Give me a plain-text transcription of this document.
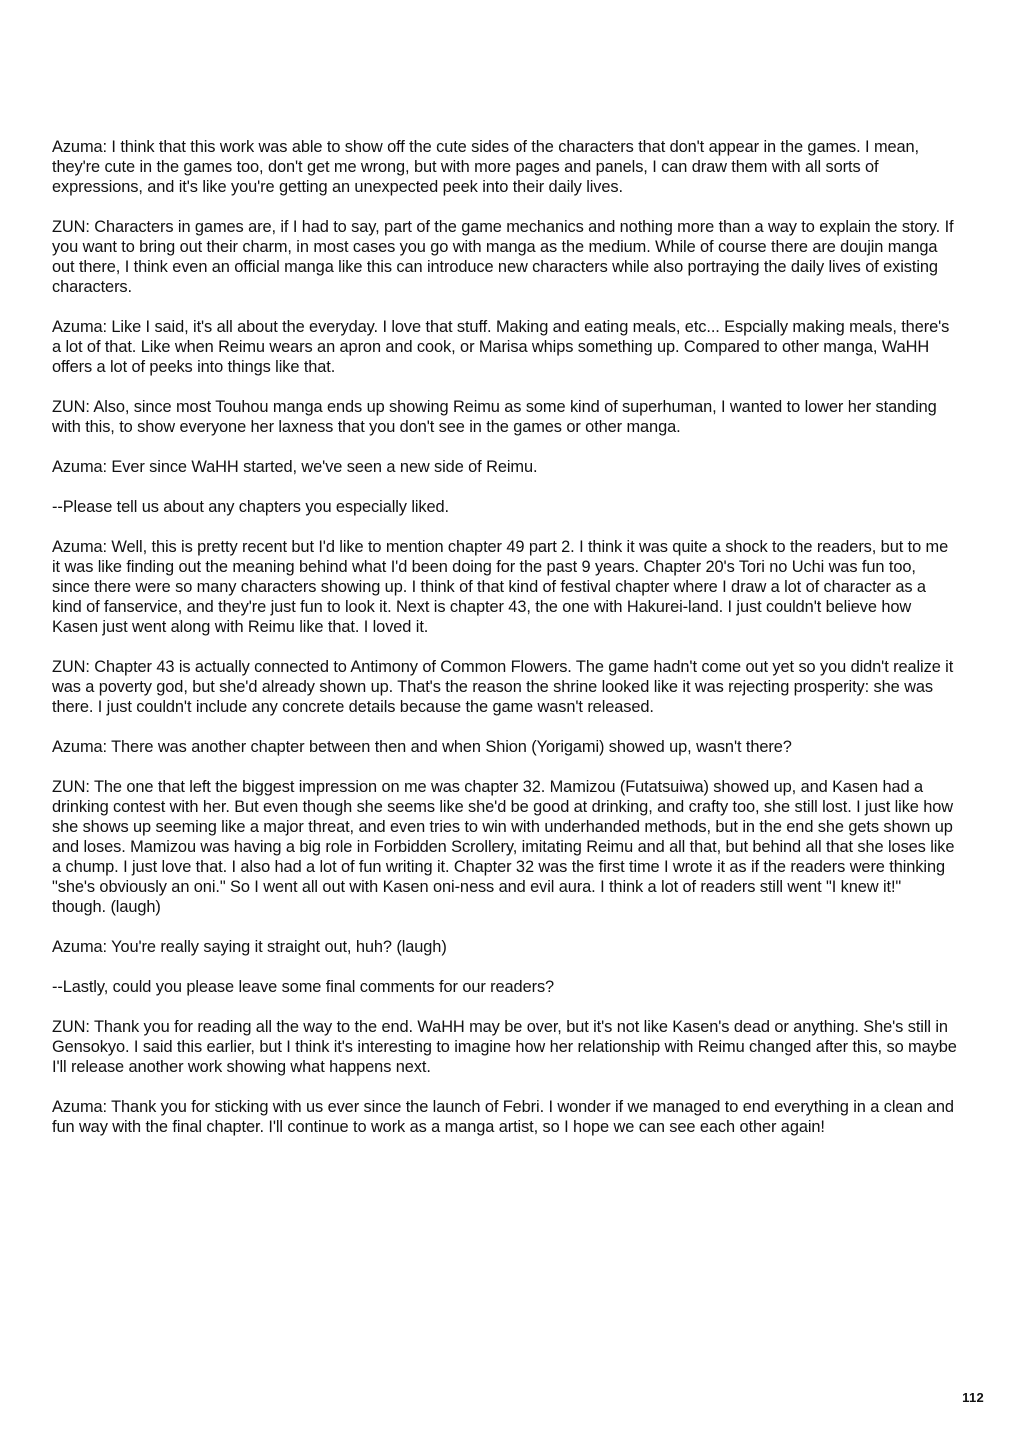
Azuma: I think that this work was able to show off the cute sides of the characters that don't appear in the games. I mean, they're cute in the games too, don't get me wrong, but with more pages and panels, I can draw them with all sorts of expressions, and it's like you're getting an unexpected peek into their daily lives.

ZUN: Characters in games are, if I had to say, part of the game mechanics and nothing more than a way to explain the story. If you want to bring out their charm, in most cases you go with manga as the medium. While of course there are doujin manga out there, I think even an official manga like this can introduce new characters while also portraying the daily lives of existing characters.

Azuma: Like I said, it's all about the everyday. I love that stuff. Making and eating meals, etc... Espcially making meals, there's a lot of that. Like when Reimu wears an apron and cook, or Marisa whips something up. Compared to other manga, WaHH offers a lot of peeks into things like that.

ZUN: Also, since most Touhou manga ends up showing Reimu as some kind of superhuman, I wanted to lower her standing with this, to show everyone her laxness that you don't see in the games or other manga.

Azuma: Ever since WaHH started, we've seen a new side of Reimu.

--Please tell us about any chapters you especially liked.

Azuma: Well, this is pretty recent but I'd like to mention chapter 49 part 2. I think it was quite a shock to the readers, but to me it was like finding out the meaning behind what I'd been doing for the past 9 years. Chapter 20's Tori no Uchi was fun too, since there were so many characters showing up. I think of that kind of festival chapter where I draw a lot of character as a kind of fanservice, and they're just fun to look it. Next is chapter 43, the one with Hakurei-land. I just couldn't believe how Kasen just went along with Reimu like that. I loved it.

ZUN: Chapter 43 is actually connected to Antimony of Common Flowers. The game hadn't come out yet so you didn't realize it was a poverty god, but she'd already shown up. That's the reason the shrine looked like it was rejecting prosperity: she was there. I just couldn't include any concrete details because the game wasn't released.

Azuma: There was another chapter between then and when Shion (Yorigami) showed up, wasn't there?

ZUN: The one that left the biggest impression on me was chapter 32. Mamizou (Futatsuiwa) showed up, and Kasen had a drinking contest with her. But even though she seems like she'd be good at drinking, and crafty too, she still lost. I just like how she shows up seeming like a major threat, and even tries to win with underhanded methods, but in the end she gets shown up and loses. Mamizou was having a big role in Forbidden Scrollery, imitating Reimu and all that, but behind all that she loses like a chump. I just love that. I also had a lot of fun writing it. Chapter 32 was the first time I wrote it as if the readers were thinking "she's obviously an oni." So I went all out with Kasen oni-ness and evil aura. I think a lot of readers still went "I knew it!" though. (laugh)

Azuma: You're really saying it straight out, huh? (laugh)

--Lastly, could you please leave some final comments for our readers?

ZUN: Thank you for reading all the way to the end. WaHH may be over, but it's not like Kasen's dead or anything. She's still in Gensokyo. I said this earlier, but I think it's interesting to imagine how her relationship with Reimu changed after this, so maybe I'll release another work showing what happens next.

Azuma: Thank you for sticking with us ever since the launch of Febri. I wonder if we managed to end everything in a clean and fun way with the final chapter. I'll continue to work as a manga artist, so I hope we can see each other again!

112
